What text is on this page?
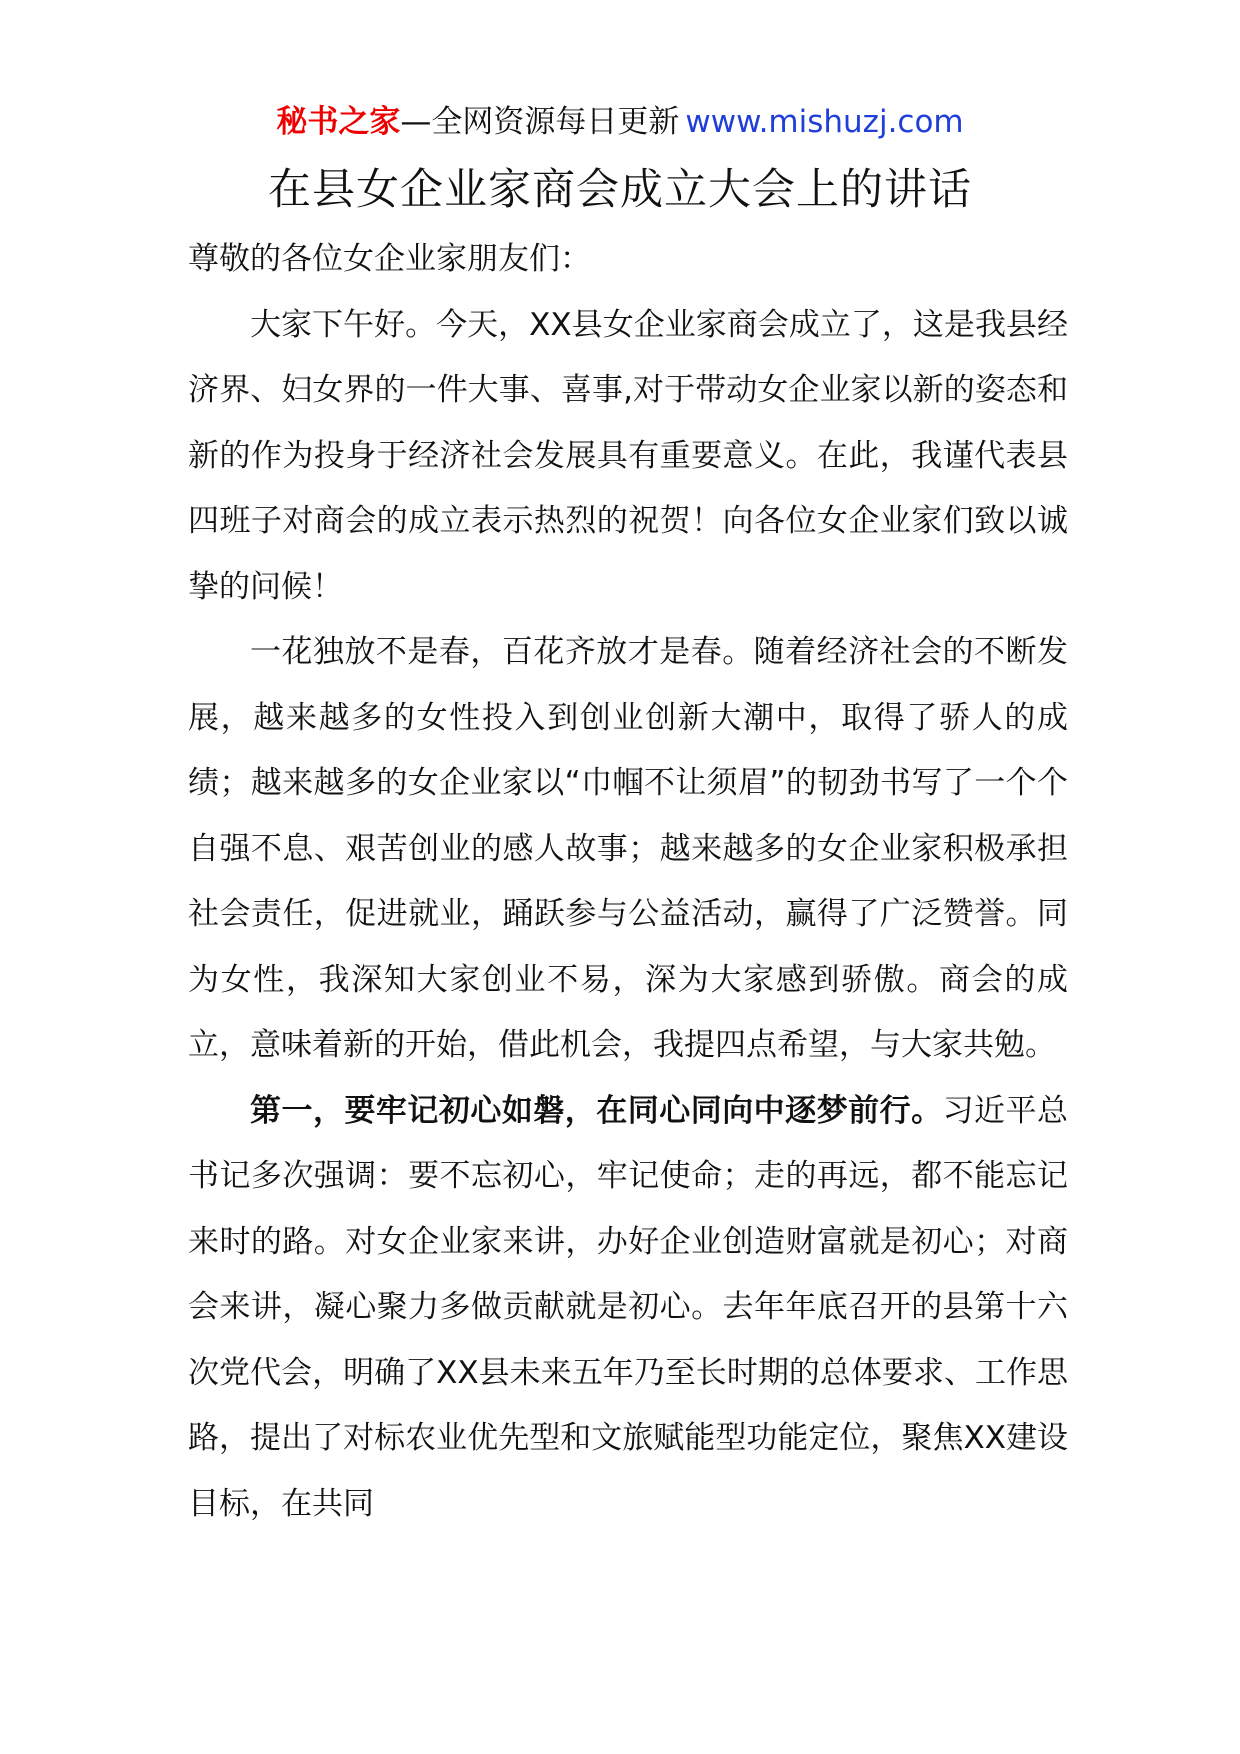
秘书之家—全网资源每日更新 www.mishuzj.com
在县女企业家商会成立大会上的讲话

尊敬的各位女企业家朋友们：

大家下午好。今天，XX县女企业家商会成立了，这是我县经济界、妇女界的一件大事、喜事,对于带动女企业家以新的姿态和新的作为投身于经济社会发展具有重要意义。在此，我谨代表县四班子对商会的成立表示热烈的祝贺！向各位女企业家们致以诚挚的问候！

一花独放不是春，百花齐放才是春。随着经济社会的不断发展，越来越多的女性投入到创业创新大潮中，取得了骄人的成绩；越来越多的女企业家以“巾帼不让须眉”的韧劲书写了一个个自强不息、艰苦创业的感人故事；越来越多的女企业家积极承担社会责任，促进就业，踊跃参与公益活动，赢得了广泛赞誉。同为女性，我深知大家创业不易，深为大家感到骄傲。商会的成立，意味着新的开始，借此机会，我提四点希望，与大家共勉。

第一，要牢记初心如磐，在同心同向中逐梦前行。习近平总书记多次强调：要不忘初心，牢记使命；走的再远，都不能忘记来时的路。对女企业家来讲，办好企业创造财富就是初心；对商会来讲，凝心聚力多做贡献就是初心。去年年底召开的县第十六次党代会，明确了XX县未来五年乃至长时期的总体要求、工作思路，提出了对标农业优先型和文旅赋能型功能定位，聚焦XX建设目标，在共同
